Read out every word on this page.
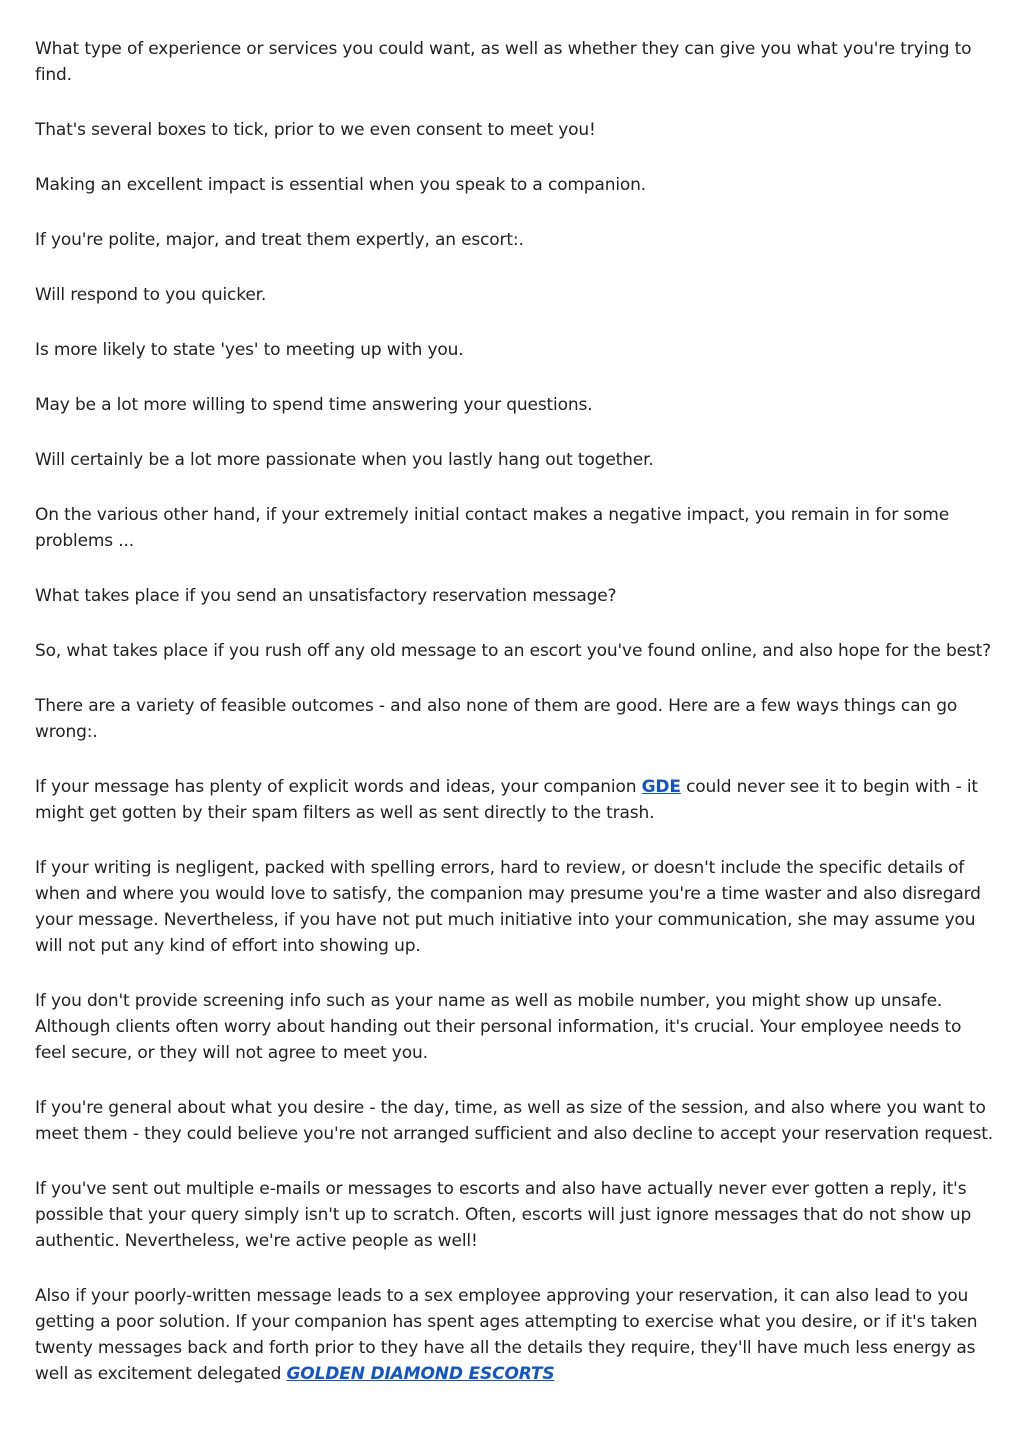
What type of experience or services you could want, as well as whether they can give you what you're trying to find.

That's several boxes to tick, prior to we even consent to meet you!

Making an excellent impact is essential when you speak to a companion.

If you're polite, major, and treat them expertly, an escort:.

Will respond to you quicker.

Is more likely to state 'yes' to meeting up with you.

May be a lot more willing to spend time answering your questions.

Will certainly be a lot more passionate when you lastly hang out together.

On the various other hand, if your extremely initial contact makes a negative impact, you remain in for some problems ...

What takes place if you send an unsatisfactory reservation message?

So, what takes place if you rush off any old message to an escort you've found online, and also hope for the best?

There are a variety of feasible outcomes - and also none of them are good. Here are a few ways things can go wrong:.

If your message has plenty of explicit words and ideas, your companion GDE could never see it to begin with - it might get gotten by their spam filters as well as sent directly to the trash.

If your writing is negligent, packed with spelling errors, hard to review, or doesn't include the specific details of when and where you would love to satisfy, the companion may presume you're a time waster and also disregard your message. Nevertheless, if you have not put much initiative into your communication, she may assume you will not put any kind of effort into showing up.

If you don't provide screening info such as your name as well as mobile number, you might show up unsafe. Although clients often worry about handing out their personal information, it's crucial. Your employee needs to feel secure, or they will not agree to meet you.

If you're general about what you desire - the day, time, as well as size of the session, and also where you want to meet them - they could believe you're not arranged sufficient and also decline to accept your reservation request.

If you've sent out multiple e-mails or messages to escorts and also have actually never ever gotten a reply, it's possible that your query simply isn't up to scratch. Often, escorts will just ignore messages that do not show up authentic. Nevertheless, we're active people as well!

Also if your poorly-written message leads to a sex employee approving your reservation, it can also lead to you getting a poor solution. If your companion has spent ages attempting to exercise what you desire, or if it's taken twenty messages back and forth prior to they have all the details they require, they'll have much less energy as well as excitement delegated GOLDEN DIAMOND ESCORTS
